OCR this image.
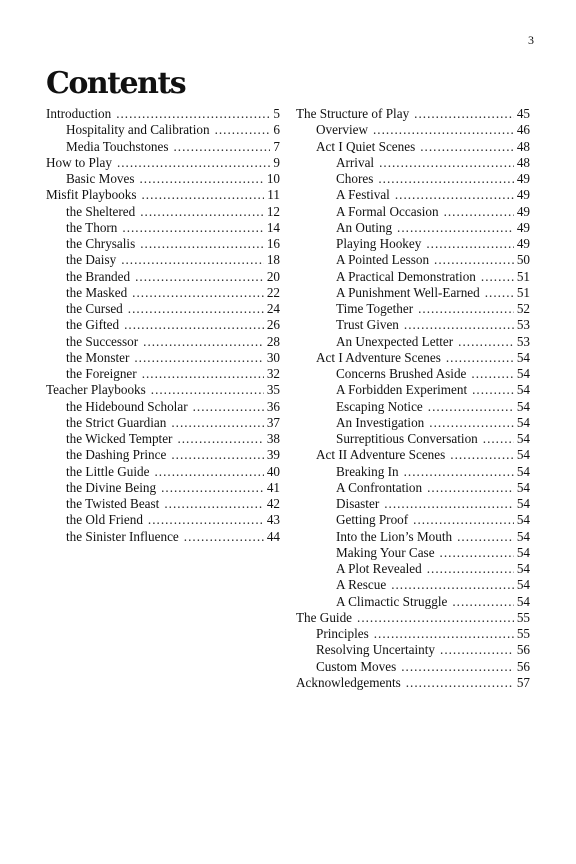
3
Contents
Introduction .....	5
Hospitality and Calibration .....	6
Media Touchstones .....	7
How to Play .....	9
Basic Moves .....	10
Misfit Playbooks .....	11
the Sheltered .....	12
the Thorn .....	14
the Chrysalis .....	16
the Daisy .....	18
the Branded .....	20
the Masked .....	22
the Cursed .....	24
the Gifted .....	26
the Successor .....	28
the Monster .....	30
the Foreigner .....	32
Teacher Playbooks .....	35
the Hidebound Scholar .....	36
the Strict Guardian .....	37
the Wicked Tempter .....	38
the Dashing Prince .....	39
the Little Guide .....	40
the Divine Being .....	41
the Twisted Beast .....	42
the Old Friend .....	43
the Sinister Influence .....	44
The Structure of Play .....	45
Overview .....	46
Act I Quiet Scenes .....	48
Arrival .....	48
Chores .....	49
A Festival .....	49
A Formal Occasion .....	49
An Outing .....	49
Playing Hookey .....	49
A Pointed Lesson .....	50
A Practical Demonstration .....	51
A Punishment Well-Earned .....	51
Time Together .....	52
Trust Given .....	53
An Unexpected Letter .....	53
Act I Adventure Scenes .....	54
Concerns Brushed Aside .....	54
A Forbidden Experiment .....	54
Escaping Notice .....	54
An Investigation .....	54
Surreptitious Conversation .....	54
Act II Adventure Scenes .....	54
Breaking In .....	54
A Confrontation .....	54
Disaster .....	54
Getting Proof .....	54
Into the Lion’s Mouth .....	54
Making Your Case .....	54
A Plot Revealed .....	54
A Rescue .....	54
A Climactic Struggle .....	54
The Guide .....	55
Principles .....	55
Resolving Uncertainty .....	56
Custom Moves .....	56
Acknowledgements .....	57
